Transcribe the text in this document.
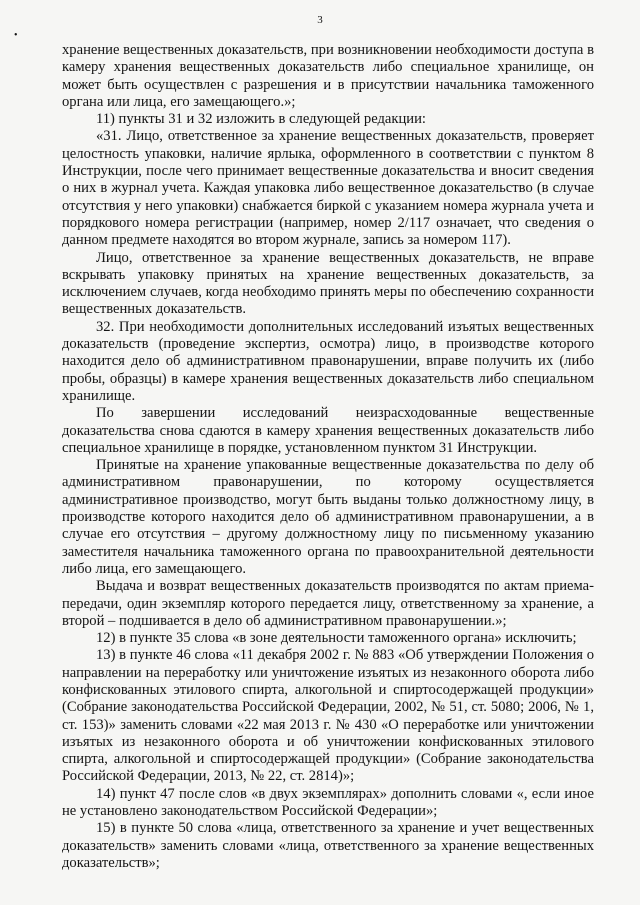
3
•

хранение вещественных доказательств, при возникновении необходимости доступа в камеру хранения вещественных доказательств либо специальное хранилище, он может быть осуществлен с разрешения и в присутствии начальника таможенного органа или лица, его замещающего.»;

11) пункты 31 и 32 изложить в следующей редакции:

«31. Лицо, ответственное за хранение вещественных доказательств, проверяет целостность упаковки, наличие ярлыка, оформленного в соответствии с пунктом 8 Инструкции, после чего принимает вещественные доказательства и вносит сведения о них в журнал учета. Каждая упаковка либо вещественное доказательство (в случае отсутствия у него упаковки) снабжается биркой с указанием номера журнала учета и порядкового номера регистрации (например, номер 2/117 означает, что сведения о данном предмете находятся во втором журнале, запись за номером 117).

Лицо, ответственное за хранение вещественных доказательств, не вправе вскрывать упаковку принятых на хранение вещественных доказательств, за исключением случаев, когда необходимо принять меры по обеспечению сохранности вещественных доказательств.

32. При необходимости дополнительных исследований изъятых вещественных доказательств (проведение экспертиз, осмотра) лицо, в производстве которого находится дело об административном правонарушении, вправе получить их (либо пробы, образцы) в камере хранения вещественных доказательств либо специальном хранилище.

По завершении исследований неизрасходованные вещественные доказательства снова сдаются в камеру хранения вещественных доказательств либо специальное хранилище в порядке, установленном пунктом 31 Инструкции.

Принятые на хранение упакованные вещественные доказательства по делу об административном правонарушении, по которому осуществляется административное производство, могут быть выданы только должностному лицу, в производстве которого находится дело об административном правонарушении, а в случае его отсутствия – другому должностному лицу по письменному указанию заместителя начальника таможенного органа по правоохранительной деятельности либо лица, его замещающего.

Выдача и возврат вещественных доказательств производятся по актам приема-передачи, один экземпляр которого передается лицу, ответственному за хранение, а второй – подшивается в дело об административном правонарушении.»;

12) в пункте 35 слова «в зоне деятельности таможенного органа» исключить;

13) в пункте 46 слова «11 декабря 2002 г. № 883 «Об утверждении Положения о направлении на переработку или уничтожение изъятых из незаконного оборота либо конфискованных этилового спирта, алкогольной и спиртосодержащей продукции» (Собрание законодательства Российской Федерации, 2002, № 51, ст. 5080; 2006, № 1, ст. 153)» заменить словами «22 мая 2013 г. № 430 «О переработке или уничтожении изъятых из незаконного оборота и об уничтожении конфискованных этилового спирта, алкогольной и спиртосодержащей продукции» (Собрание законодательства Российской Федерации, 2013, № 22, ст. 2814)»;

14) пункт 47 после слов «в двух экземплярах» дополнить словами «, если иное не установлено законодательством Российской Федерации»;

15) в пункте 50 слова «лица, ответственного за хранение и учет вещественных доказательств» заменить словами «лица, ответственного за хранение вещественных доказательств»;
